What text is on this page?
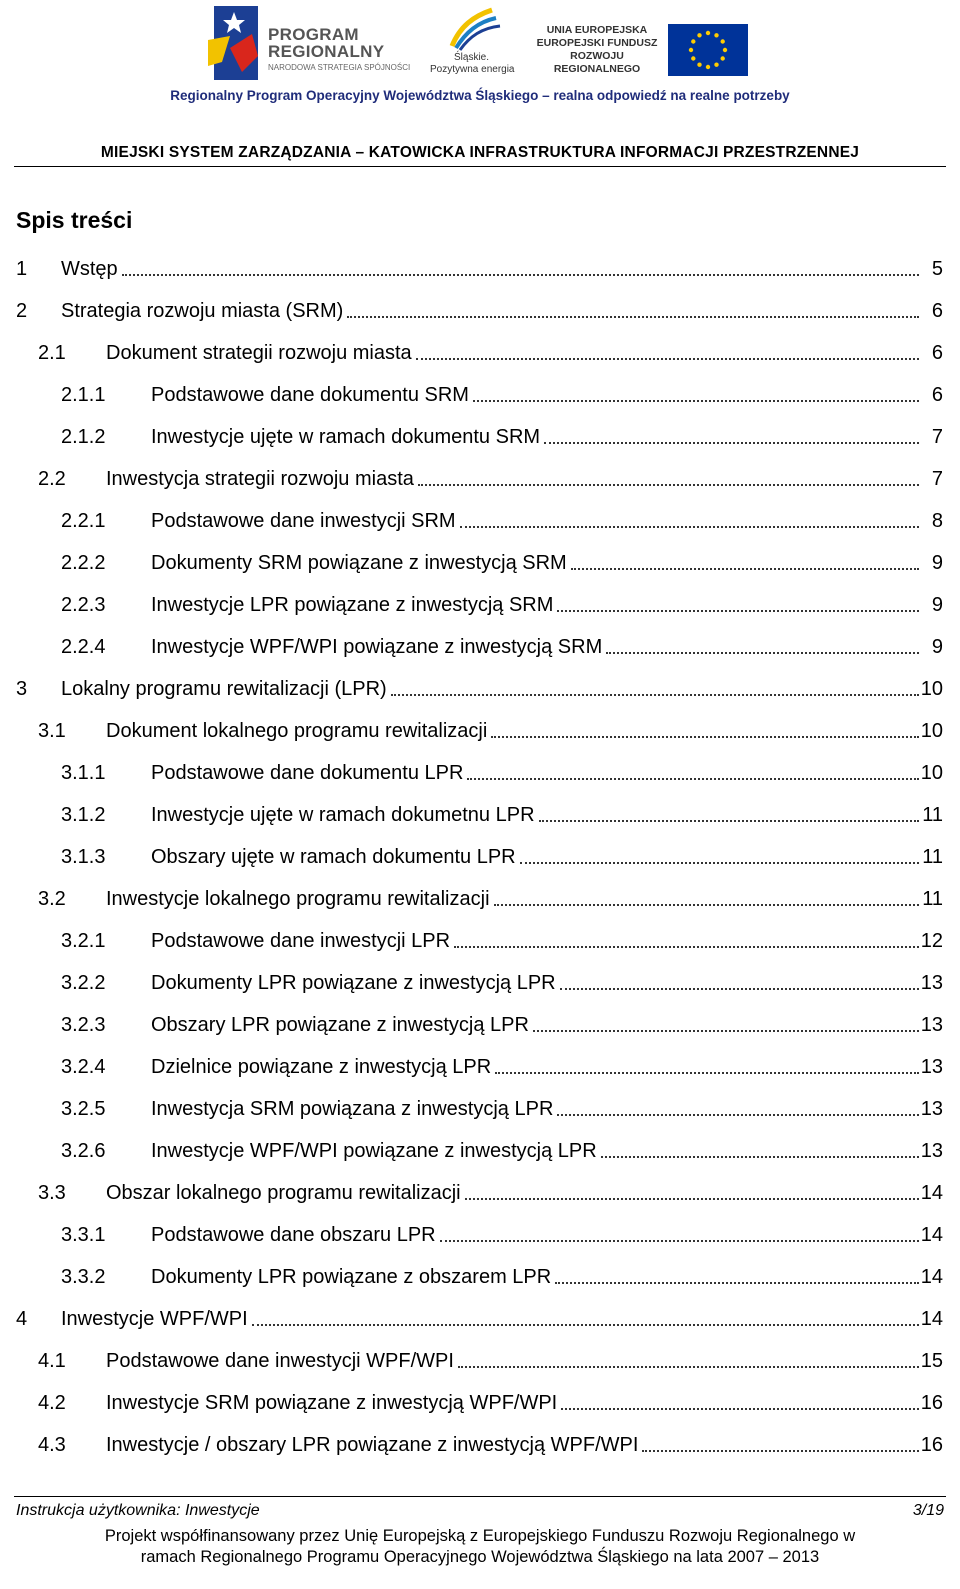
PROGRAM
REGIONALNY
NARODOWA STRATEGIA SPÓJNOŚCI
Śląskie.
Pozytywna energia
UNIA EUROPEJSKA
EUROPEJSKI FUNDUSZ
ROZWOJU REGIONALNEGO
Regionalny Program Operacyjny Województwa Śląskiego – realna odpowiedź na realne potrzeby
MIEJSKI SYSTEM ZARZĄDZANIA – KATOWICKA INFRASTRUKTURA INFORMACJI PRZESTRZENNEJ
Spis treści
1 Wstęp	5
2 Strategia rozwoju miasta (SRM)	6
2.1 Dokument strategii rozwoju miasta	6
2.1.1 Podstawowe dane dokumentu SRM	6
2.1.2 Inwestycje ujęte w ramach dokumentu SRM	7
2.2 Inwestycja strategii rozwoju miasta	7
2.2.1 Podstawowe dane inwestycji SRM	8
2.2.2 Dokumenty SRM powiązane z inwestycją SRM	9
2.2.3 Inwestycje LPR powiązane z inwestycją SRM	9
2.2.4 Inwestycje WPF/WPI powiązane z inwestycją SRM	9
3 Lokalny programu rewitalizacji (LPR)	10
3.1 Dokument lokalnego programu rewitalizacji	10
3.1.1 Podstawowe dane dokumentu LPR	10
3.1.2 Inwestycje ujęte w ramach dokumetnu LPR	11
3.1.3 Obszary ujęte w ramach dokumentu LPR	11
3.2 Inwestycje lokalnego programu rewitalizacji	11
3.2.1 Podstawowe dane inwestycji LPR	12
3.2.2 Dokumenty LPR powiązane z inwestycją LPR	13
3.2.3 Obszary LPR powiązane z inwestycją LPR	13
3.2.4 Dzielnice powiązane z inwestycją LPR	13
3.2.5 Inwestycja SRM powiązana z inwestycją LPR	13
3.2.6 Inwestycje WPF/WPI powiązane z inwestycją LPR	13
3.3 Obszar lokalnego programu rewitalizacji	14
3.3.1 Podstawowe dane obszaru LPR	14
3.3.2 Dokumenty LPR powiązane z obszarem LPR	14
4 Inwestycje WPF/WPI	14
4.1 Podstawowe dane inwestycji WPF/WPI	15
4.2 Inwestycje SRM powiązane z inwestycją WPF/WPI	16
4.3 Inwestycje / obszary LPR powiązane z inwestycją WPF/WPI	16
Instrukcja użytkownika: Inwestycje	3/19
Projekt współfinansowany przez Unię Europejską z Europejskiego Funduszu Rozwoju Regionalnego w
ramach Regionalnego Programu Operacyjnego Województwa Śląskiego na lata 2007 – 2013
